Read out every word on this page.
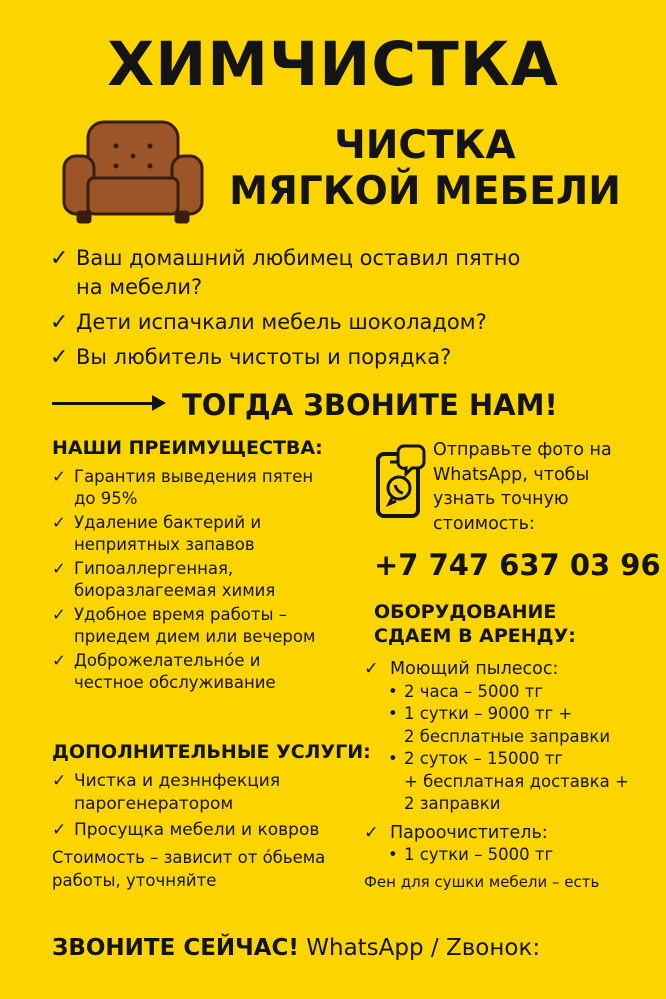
ХИМЧИСТКА
ЧИСТКА
МЯГКОЙ МЕБЕЛИ
✓ Ваш домашний любимец оставил пятно на мебели?
✓ Дети испачкали мебель шоколадом?
✓ Вы любитель чистоты и порядка?
ТОГДА ЗВОНИТЕ НАМ!
НАШИ ПРЕИМУЩЕСТВА:
✓ Гарантия выведения пятен до 95%
✓ Удаление бактерий и неприятных запавов
✓ Гипоаллергенная, биоразлагеемая химия
✓ Удобное время работы – приедем дием или вечером
✓ Доброжелательнóе и честное обслуживание
ДОПОЛНИТЕЛЬНЫЕ УСЛУГИ:
✓ Чистка и дезннфекция парогенератором
✓ Просущка мебели и ковров
Стоимость – зависит от óбьема работы, уточняйте
Отправьте фото на WhatsApp, чтобы узнать точную стоимость:
+7 747 637 03 96
ОБОРУДОВАНИЕ
СДАЕМ В АРЕНДУ:
✓ Моющий пылесос:
• 2 часа – 5000 тг
• 1 сутки – 9000 тг +
2 бесплатные заправки
• 2 суток – 15000 тг
+ бесплатная доставка +
2 заправки
✓ Пароочиститель:
• 1 сутки – 5000 тг
Фен для сушки мебели – есть
ЗВОНИТЕ СЕЙЧАС! WhatsApp / Zвонок:
